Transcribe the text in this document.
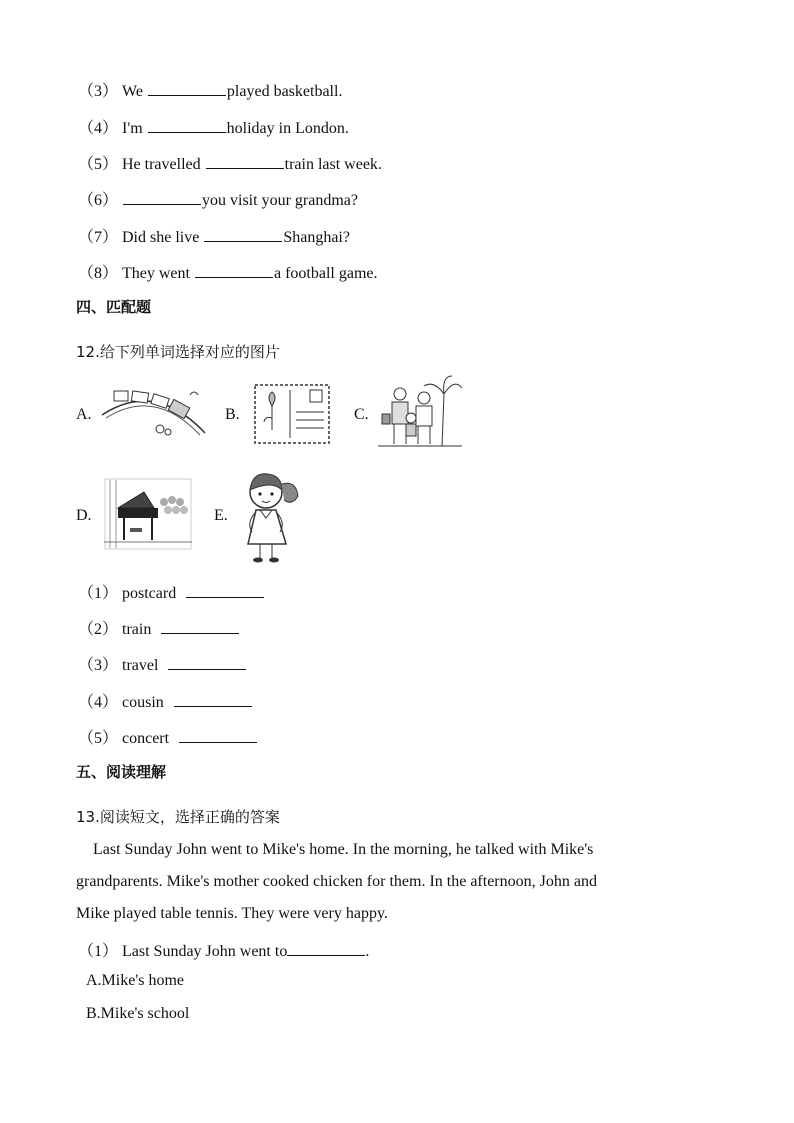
（3） We	played basketball.
（4） I'm	holiday in London.
（5） He travelled	train last week.
（6）	you visit your grandma?
（7） Did she live	Shanghai?
（8） They went	a football game.
四、匹配题
12.给下列单词选择对应的图片
A.	B.	C.
D.	E.
（1） postcard
（2） train
（3） travel
（4） cousin
（5） concert
五、阅读理解
13.阅读短文，选择正确的答案
Last Sunday John went to Mike's home. In the morning, he talked with Mike's
grandparents. Mike's mother cooked chicken for them. In the afternoon, John and
Mike played table tennis. They were very happy.
（1） Last Sunday John went to	.
A.Mike's home
B.Mike's school
